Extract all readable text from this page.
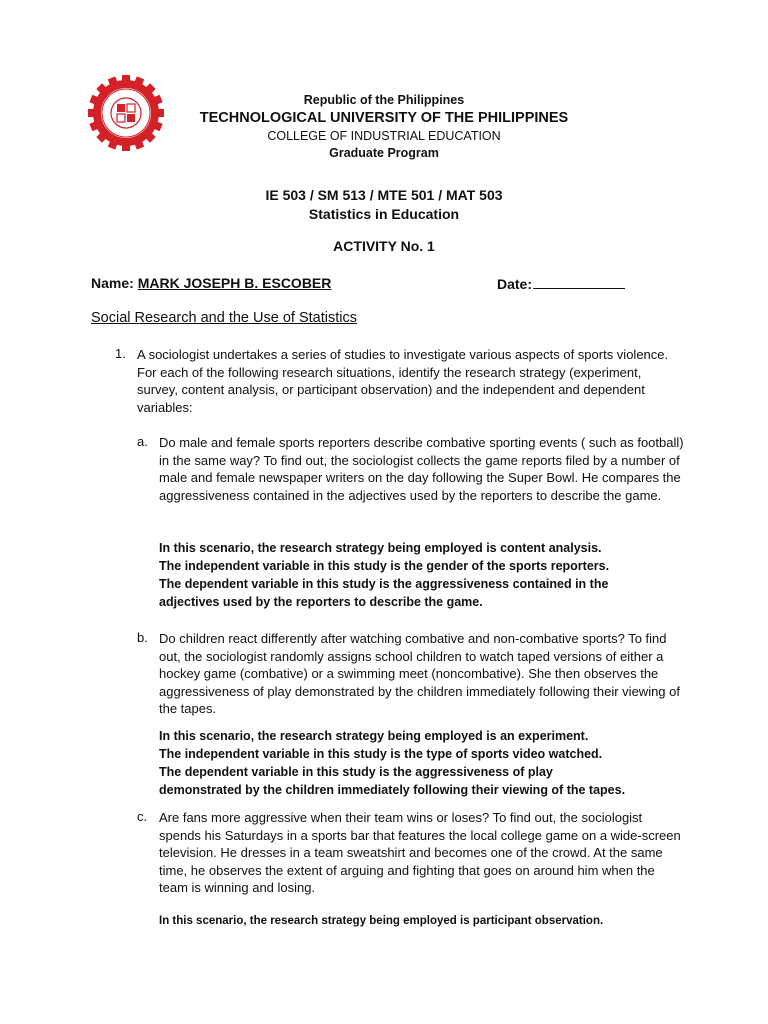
Republic of the Philippines
TECHNOLOGICAL UNIVERSITY OF THE PHILIPPINES
COLLEGE OF INDUSTRIAL EDUCATION
Graduate Program
IE 503 / SM 513 / MTE 501 / MAT 503
Statistics in Education
ACTIVITY No. 1
Name: MARK JOSEPH B. ESCOBER	Date:
Social Research and the Use of Statistics
1. A sociologist undertakes a series of studies to investigate various aspects of sports violence. For each of the following research situations, identify the research strategy (experiment, survey, content analysis, or participant observation) and the independent and dependent variables:
a. Do male and female sports reporters describe combative sporting events ( such as football) in the same way? To find out, the sociologist collects the game reports filed by a number of male and female newspaper writers on the day following the Super Bowl. He compares the aggressiveness contained in the adjectives used by the reporters to describe the game.
In this scenario, the research strategy being employed is content analysis.
The independent variable in this study is the gender of the sports reporters.
The dependent variable in this study is the aggressiveness contained in the
adjectives used by the reporters to describe the game.
b. Do children react differently after watching combative and non-combative sports? To find out, the sociologist randomly assigns school children to watch taped versions of either a hockey game (combative) or a swimming meet (noncombative). She then observes the aggressiveness of play demonstrated by the children immediately following their viewing of the tapes.
In this scenario, the research strategy being employed is an experiment.
The independent variable in this study is the type of sports video watched.
The dependent variable in this study is the aggressiveness of play
demonstrated by the children immediately following their viewing of the tapes.
c. Are fans more aggressive when their team wins or loses? To find out, the sociologist spends his Saturdays in a sports bar that features the local college game on a wide-screen television. He dresses in a team sweatshirt and becomes one of the crowd. At the same time, he observes the extent of arguing and fighting that goes on around him when the team is winning and losing.
In this scenario, the research strategy being employed is participant observation.
